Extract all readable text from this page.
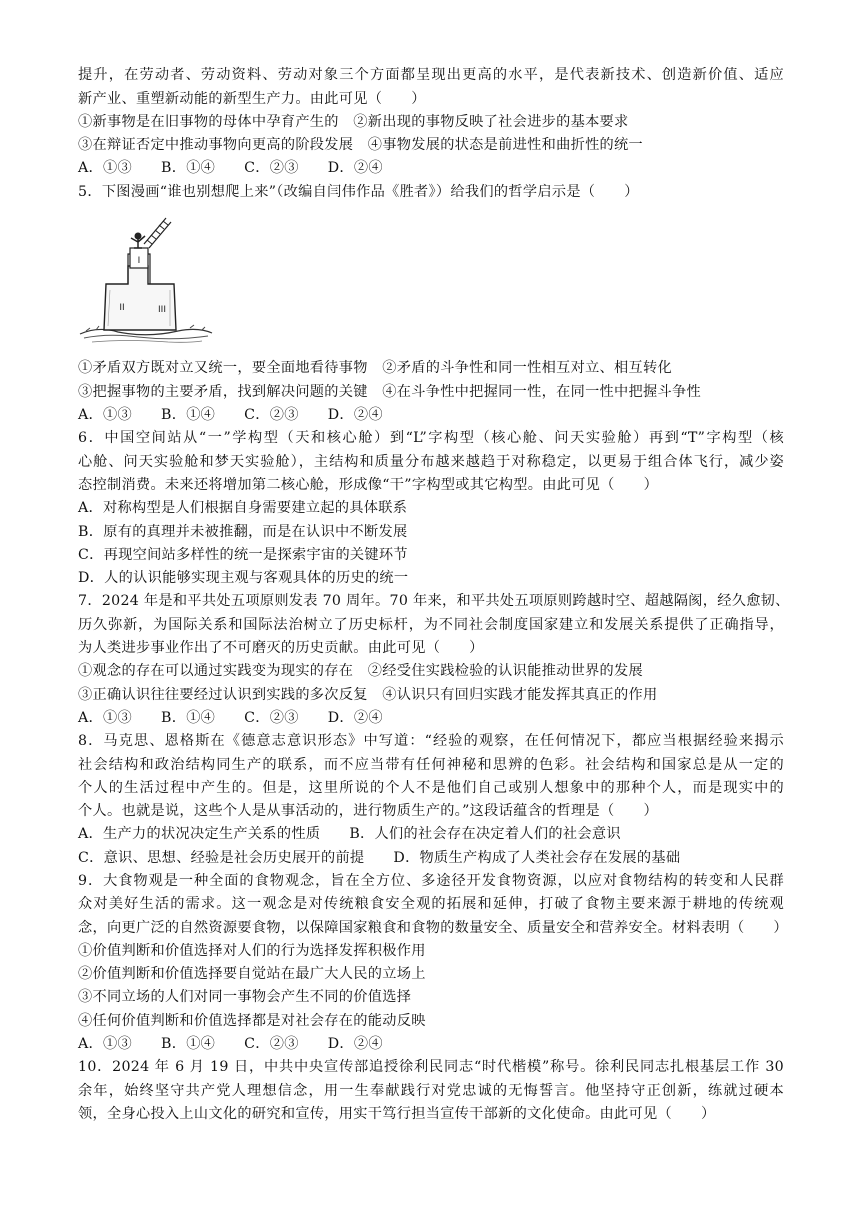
提升，在劳动者、劳动资料、劳动对象三个方面都呈现出更高的水平，是代表新技术、创造新价值、适应
新产业、重塑新动能的新型生产力。由此可见（　　）
①新事物是在旧事物的母体中孕育产生的　②新出现的事物反映了社会进步的基本要求
③在辩证否定中推动事物向更高的阶段发展　④事物发展的状态是前进性和曲折性的统一
A．①③　　B．①④　　C．②③　　D．②④
5．下图漫画“谁也别想爬上来”（改编自闫伟作品《胜者》）给我们的哲学启示是（　　）
I
II	III
①矛盾双方既对立又统一，要全面地看待事物　②矛盾的斗争性和同一性相互对立、相互转化
③把握事物的主要矛盾，找到解决问题的关键　④在斗争性中把握同一性，在同一性中把握斗争性
A．①③　　B．①④　　C．②③　　D．②④
6．中国空间站从“一”学构型（天和核心舱）到“L”字构型（核心舱、问天实验舱）再到“T”字构型（核
心舱、问天实验舱和梦天实验舱），主结构和质量分布越来越趋于对称稳定，以更易于组合体飞行，减少姿
态控制消费。未来还将增加第二核心舱，形成像“干”字构型或其它构型。由此可见（　　）
A．对称构型是人们根据自身需要建立起的具体联系
B．原有的真理并未被推翻，而是在认识中不断发展
C．再现空间站多样性的统一是探索宇宙的关键环节
D．人的认识能够实现主观与客观具体的历史的统一
7．2024 年是和平共处五项原则发表 70 周年。70 年来，和平共处五项原则跨越时空、超越隔阂，经久愈韧、
历久弥新，为国际关系和国际法治树立了历史标杆，为不同社会制度国家建立和发展关系提供了正确指导，
为人类进步事业作出了不可磨灭的历史贡献。由此可见（　　）
①观念的存在可以通过实践变为现实的存在　②经受住实践检验的认识能推动世界的发展
③正确认识往往要经过认识到实践的多次反复　④认识只有回归实践才能发挥其真正的作用
A．①③　　B．①④　　C．②③　　D．②④
8．马克思、恩格斯在《德意志意识形态》中写道：“经验的观察，在任何情况下，都应当根据经验来揭示
社会结构和政治结构同生产的联系，而不应当带有任何神秘和思辨的色彩。社会结构和国家总是从一定的
个人的生活过程中产生的。但是，这里所说的个人不是他们自己或别人想象中的那种个人，而是现实中的
个人。也就是说，这些个人是从事活动的，进行物质生产的。”这段话蕴含的哲理是（　　）
A．生产力的状况决定生产关系的性质　　B．人们的社会存在决定着人们的社会意识
C．意识、思想、经验是社会历史展开的前提　　D．物质生产构成了人类社会存在发展的基础
9．大食物观是一种全面的食物观念，旨在全方位、多途径开发食物资源，以应对食物结构的转变和人民群
众对美好生活的需求。这一观念是对传统粮食安全观的拓展和延伸，打破了食物主要来源于耕地的传统观
念，向更广泛的自然资源要食物，以保障国家粮食和食物的数量安全、质量安全和营养安全。材料表明（　　）
①价值判断和价值选择对人们的行为选择发挥积极作用
②价值判断和价值选择要自觉站在最广大人民的立场上
③不同立场的人们对同一事物会产生不同的价值选择
④任何价值判断和价值选择都是对社会存在的能动反映
A．①③　　B．①④　　C．②③　　D．②④
10．2024 年 6 月 19 日，中共中央宣传部追授徐利民同志“时代楷模”称号。徐利民同志扎根基层工作 30
余年，始终坚守共产党人理想信念，用一生奉献践行对党忠诚的无悔誓言。他坚持守正创新，练就过硬本
领，全身心投入上山文化的研究和宣传，用实干笃行担当宣传干部新的文化使命。由此可见（　　）
